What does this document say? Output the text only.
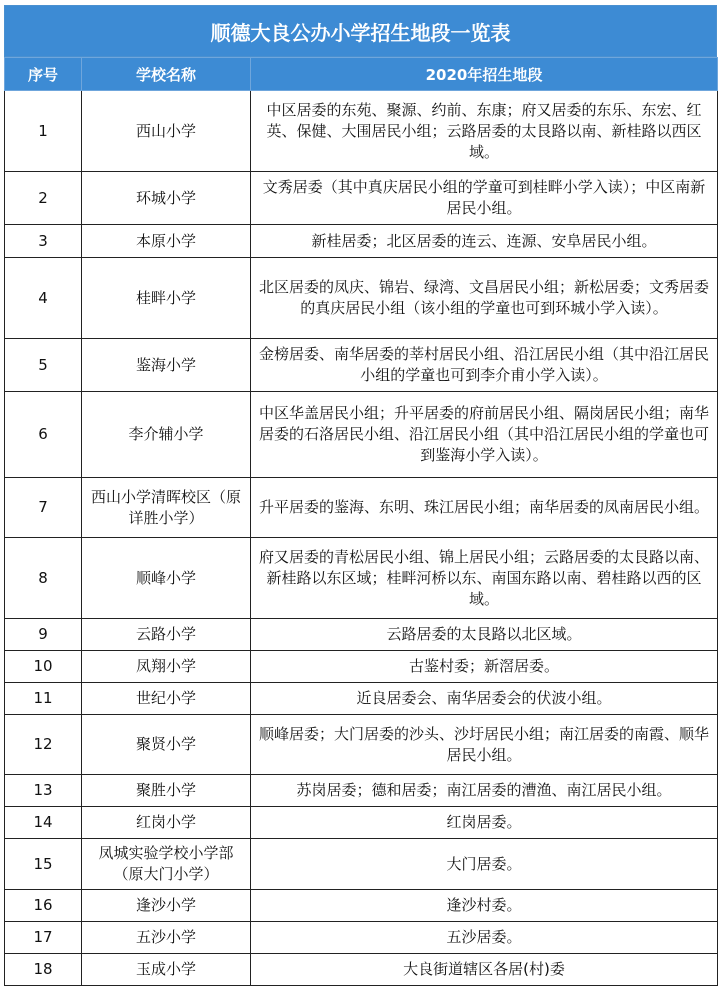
顺德大良公办小学招生地段一览表
序号	学校名称	2020年招生地段
1	西山小学	中区居委的东苑、聚源、约前、东康；府又居委的东乐、东宏、红英、保健、大围居民小组；云路居委的太艮路以南、新桂路以西区域。
2	环城小学	文秀居委（其中真庆居民小组的学童可到桂畔小学入读）；中区南新居民小组。
3	本原小学	新桂居委；北区居委的连云、连源、安阜居民小组。
4	桂畔小学	北区居委的凤庆、锦岩、绿湾、文昌居民小组；新松居委；文秀居委的真庆居民小组（该小组的学童也可到环城小学入读）。
5	鉴海小学	金榜居委、南华居委的莘村居民小组、沿江居民小组（其中沿江居民小组的学童也可到李介甫小学入读）。
6	李介辅小学	中区华盖居民小组；升平居委的府前居民小组、隔岗居民小组；南华居委的石洛居民小组、沿江居民小组（其中沿江居民小组的学童也可到鉴海小学入读）。
7	西山小学清晖校区（原详胜小学）	升平居委的鉴海、东明、珠江居民小组；南华居委的凤南居民小组。
8	顺峰小学	府又居委的青松居民小组、锦上居民小组；云路居委的太艮路以南、新桂路以东区域；桂畔河桥以东、南国东路以南、碧桂路以西的区域。
9	云路小学	云路居委的太艮路以北区域。
10	凤翔小学	古鉴村委；新滘居委。
11	世纪小学	近良居委会、南华居委会的伏波小组。
12	聚贤小学	顺峰居委；大门居委的沙头、沙圩居民小组；南江居委的南霞、顺华居民小组。
13	聚胜小学	苏岗居委；德和居委；南江居委的漕渔、南江居民小组。
14	红岗小学	红岗居委。
15	凤城实验学校小学部（原大门小学）	大门居委。
16	逢沙小学	逢沙村委。
17	五沙小学	五沙居委。
18	玉成小学	大良街道辖区各居(村)委
